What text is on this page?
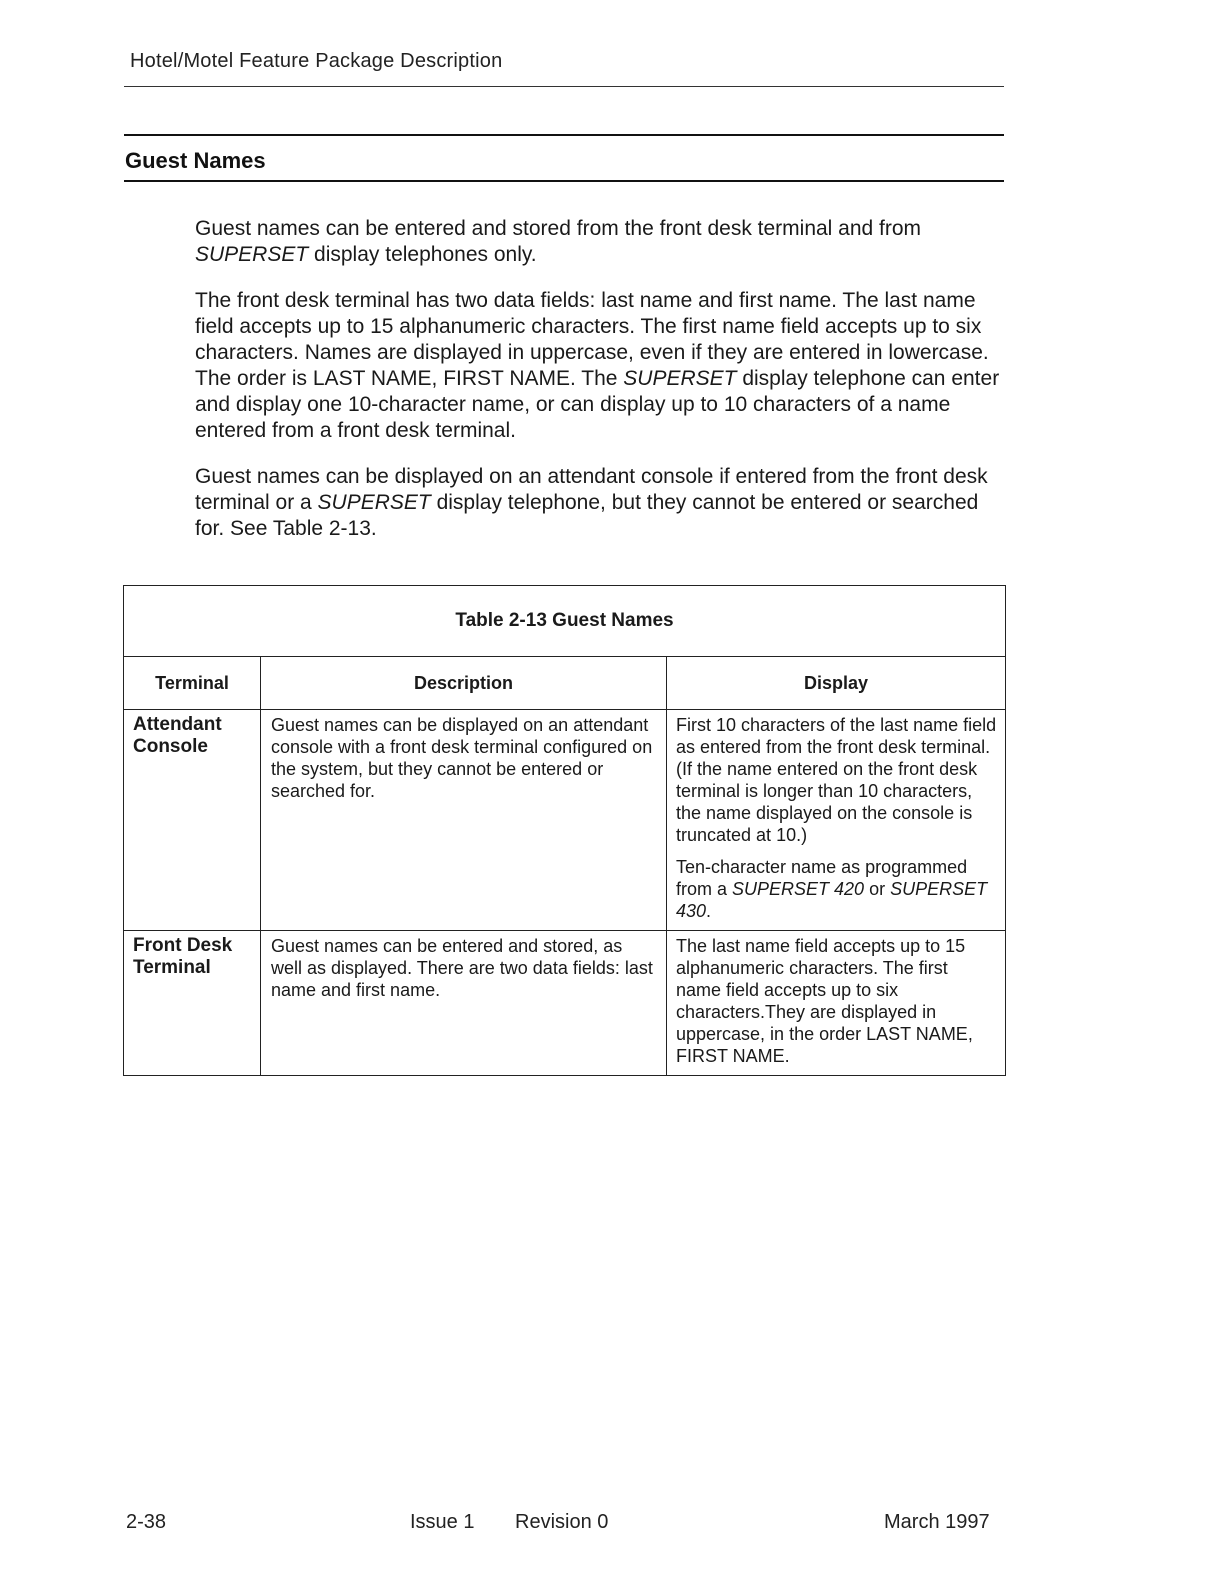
Hotel/Motel Feature Package Description
Guest Names

Guest names can be entered and stored from the front desk terminal and from SUPERSET display telephones only.

The front desk terminal has two data fields: last name and first name. The last name field accepts up to 15 alphanumeric characters. The first name field accepts up to six characters. Names are displayed in uppercase, even if they are entered in lowercase. The order is LAST NAME, FIRST NAME. The SUPERSET display telephone can enter and display one 10-character name, or can display up to 10 characters of a name entered from a front desk terminal.

Guest names can be displayed on an attendant console if entered from the front desk terminal or a SUPERSET display telephone, but they cannot be entered or searched for. See Table 2-13.

Table 2-13 Guest Names		
Terminal	Description	Display
Attendant Console	Guest names can be displayed on an attendant console with a front desk terminal configured on the system, but they cannot be entered or searched for.	First 10 characters of the last name field as entered from the front desk terminal. (If the name entered on the front desk terminal is longer than 10 characters, the name displayed on the console is truncated at 10.)

Ten-character name as programmed from a SUPERSET 420 or SUPERSET 430.

Front Desk Terminal	Guest names can be entered and stored, as well as displayed. There are two data fields: last name and first name.	The last name field accepts up to 15 alphanumeric characters. The first name field accepts up to six characters.They are displayed in uppercase, in the order LAST NAME, FIRST NAME.

2-38	Issue 1 Revision 0	March 1997
